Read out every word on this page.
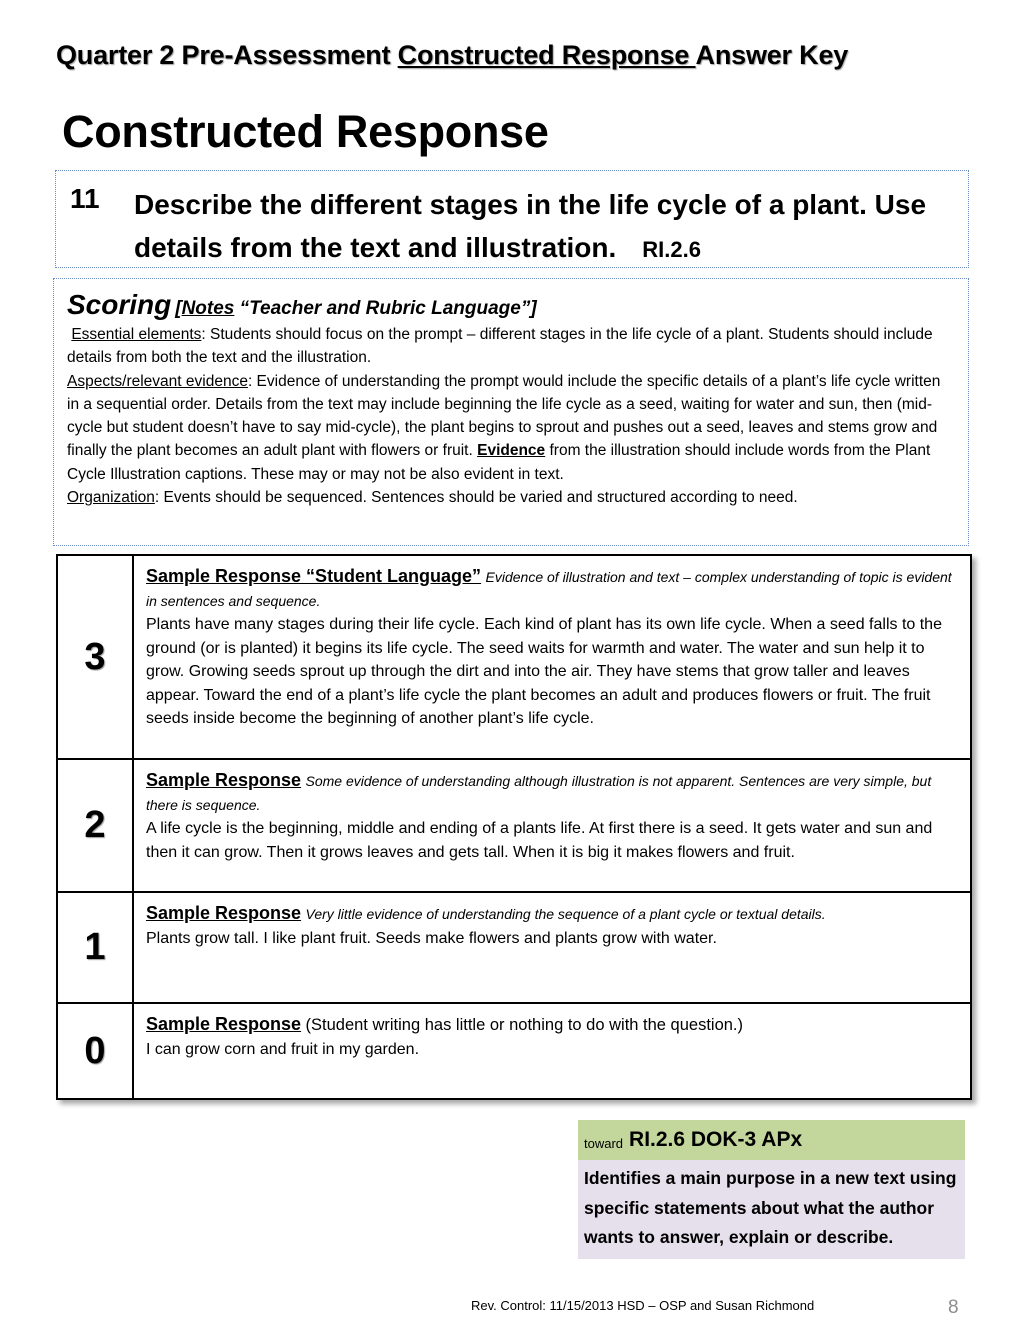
Quarter 2 Pre-Assessment Constructed Response Answer Key
Constructed Response
11 Describe the different stages in the life cycle of a plant. Use details from the text and illustration. RI.2.6
Scoring [Notes “Teacher and Rubric Language”]
Essential elements: Students should focus on the prompt – different stages in the life cycle of a plant. Students should include details from both the text and the illustration.
Aspects/relevant evidence: Evidence of understanding the prompt would include the specific details of a plant’s life cycle written in a sequential order. Details from the text may include beginning the life cycle as a seed, waiting for water and sun, then (mid-cycle but student doesn’t have to say mid-cycle), the plant begins to sprout and pushes out a seed, leaves and stems grow and finally the plant becomes an adult plant with flowers or fruit. Evidence from the illustration should include words from the Plant Cycle Illustration captions. These may or may not be also evident in text.
Organization: Events should be sequenced. Sentences should be varied and structured according to need.
3	Sample Response “Student Language” Evidence of illustration and text – complex understanding of topic is evident in sentences and sequence.
Plants have many stages during their life cycle. Each kind of plant has its own life cycle. When a seed falls to the ground (or is planted) it begins its life cycle. The seed waits for warmth and water. The water and sun help it to grow. Growing seeds sprout up through the dirt and into the air. They have stems that grow taller and leaves appear. Toward the end of a plant’s life cycle the plant becomes an adult and produces flowers or fruit. The fruit seeds inside become the beginning of another plant’s life cycle.
2	Sample Response Some evidence of understanding although illustration is not apparent. Sentences are very simple, but there is sequence.
A life cycle is the beginning, middle and ending of a plants life. At first there is a seed. It gets water and sun and then it can grow. Then it grows leaves and gets tall. When it is big it makes flowers and fruit.
1	Sample Response Very little evidence of understanding the sequence of a plant cycle or textual details.
Plants grow tall. I like plant fruit. Seeds make flowers and plants grow with water.
0	Sample Response (Student writing has little or nothing to do with the question.)
I can grow corn and fruit in my garden.
toward RI.2.6 DOK-3 APx
Identifies a main purpose in a new text using specific statements about what the author wants to answer, explain or describe.
Rev. Control: 11/15/2013 HSD – OSP and Susan Richmond	8
